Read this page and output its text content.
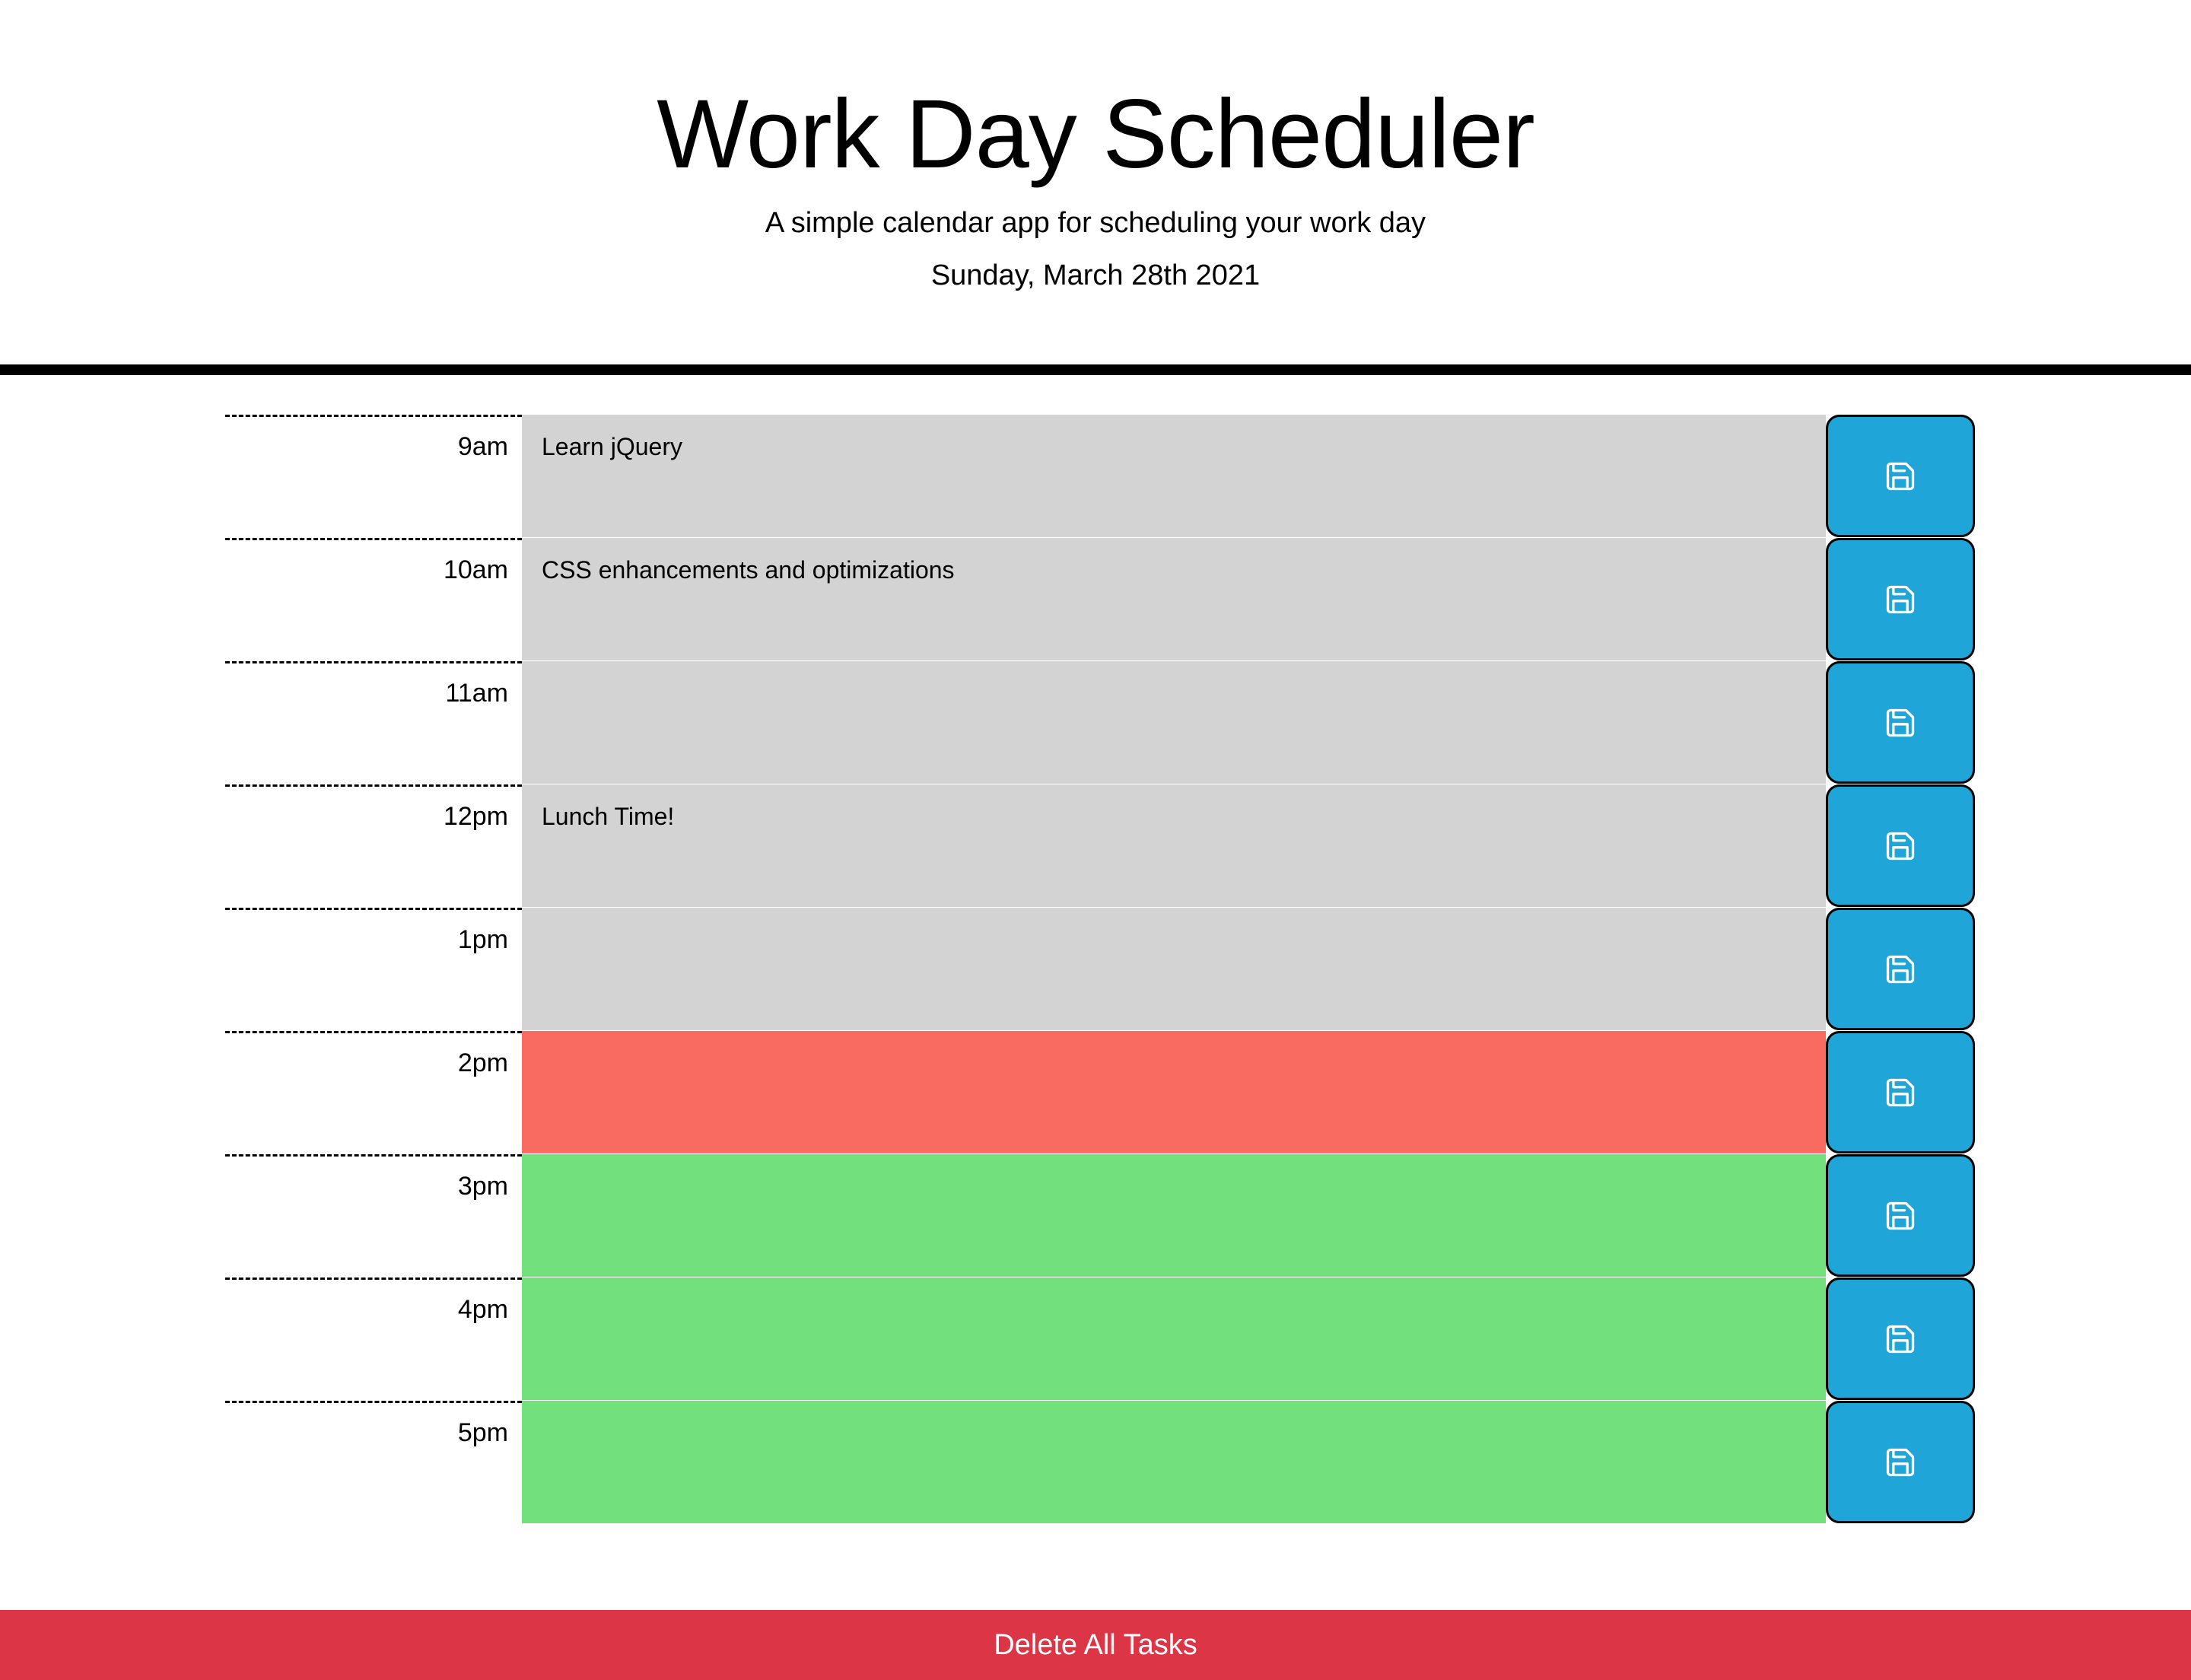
Work Day Scheduler

A simple calendar app for scheduling your work day

Sunday, March 28th 2021

9am
Learn jQuery
10am
CSS enhancements and optimizations
11am
12pm
Lunch Time!
1pm
2pm
3pm
4pm
5pm
Delete All Tasks
